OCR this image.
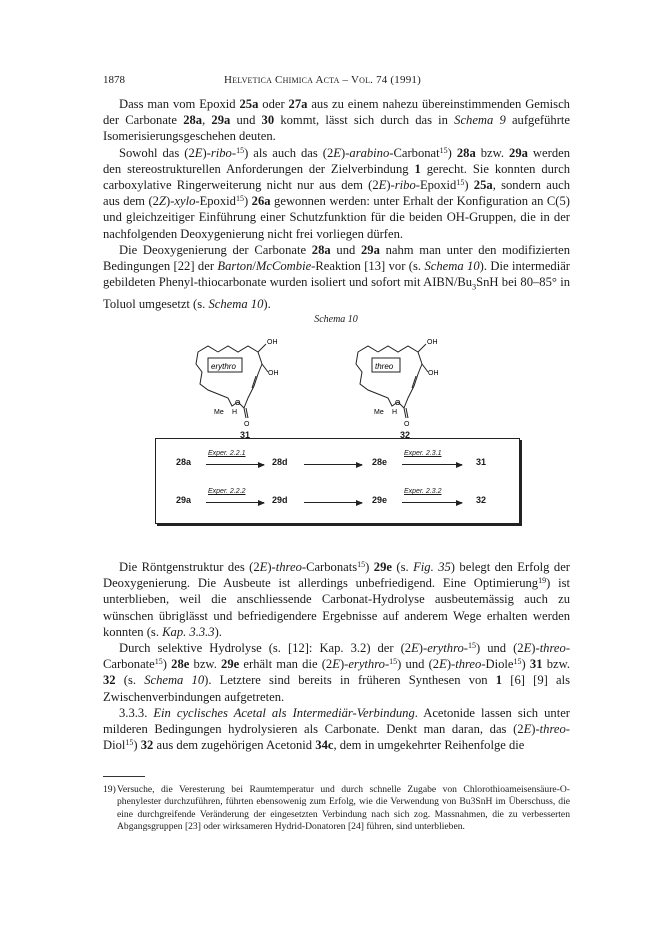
1878	Helvetica Chimica Acta – Vol. 74 (1991)

Dass man vom Epoxid 25a oder 27a aus zu einem nahezu übereinstimmenden Gemisch der Carbonate 28a, 29a und 30 kommt, lässt sich durch das in Schema 9 aufgeführte Isomerisierungsgeschehen deuten.

Sowohl das (2E)-ribo-$^{15}$) als auch das (2E)-arabino-Carbonat$^{15}$) 28a bzw. 29a werden den stereostrukturellen Anforderungen der Zielverbindung 1 gerecht. Sie konnten durch carboxylative Ringerweiterung nicht nur aus dem (2E)-ribo-Epoxid$^{15}$) 25a, sondern auch aus dem (2Z)-xylo-Epoxid$^{15}$) 26a gewonnen werden: unter Erhalt der Konfiguration an C(5) und gleichzeitiger Einführung einer Schutzfunktion für die beiden OH-Gruppen, die in der nachfolgenden Deoxygenierung nicht frei vorliegen dürfen.

Die Deoxygenierung der Carbonate 28a und 29a nahm man unter den modifizierten Bedingungen [22] der Barton/McCombie-Reaktion [13] vor (s. Schema 10). Die intermediär gebildeten Phenyl-thiocarbonate wurden isoliert und sofort mit AIBN/$Bu_3SnH$ bei 80–85° in Toluol umgesetzt (s. Schema 10).

Schema 10
erythro
OH
OH
O
Me H
O
31
threo
OH
OH
O
Me H
O
32
28a
Exper. 2.2.1
→ 28d → 28e
Exper. 2.3.1
→ 31
29a
Exper. 2.2.2
→ 29d → 29e
Exper. 2.3.2
→ 32

Die Röntgenstruktur des (2E)-threo-Carbonats$^{15}$) 29e (s. Fig. 35) belegt den Erfolg der Deoxygenierung. Die Ausbeute ist allerdings unbefriedigend. Eine Optimierung$^{19}$) ist unterblieben, weil die anschliessende Carbonat-Hydrolyse ausbeutemässig auch zu wünschen übriglässt und befriedigendere Ergebnisse auf anderem Wege erhalten werden konnten (s. Kap. 3.3.3).

Durch selektive Hydrolyse (s. [12]: Kap. 3.2) der (2E)-erythro-$^{15}$) und (2E)-threo-Carbonate$^{15}$) 28e bzw. 29e erhält man die (2E)-erythro-$^{15}$) und (2E)-threo-Diole$^{15}$) 31 bzw. 32 (s. Schema 10). Letztere sind bereits in früheren Synthesen von 1 [6] [9] als Zwischenverbindungen aufgetreten.

3.3.3. Ein cyclisches Acetal als Intermediär-Verbindung. Acetonide lassen sich unter milderen Bedingungen hydrolysieren als Carbonate. Denkt man daran, das (2E)-threo-Diol$^{15}$) 32 aus dem zugehörigen Acetonid 34c, dem in umgekehrter Reihenfolge die

19) Versuche, die Veresterung bei Raumtemperatur und durch schnelle Zugabe von Chlorothioameisensäure-O-phenylester durchzuführen, führten ebensowenig zum Erfolg, wie die Verwendung von Bu3SnH im Überschuss, die eine durchgreifende Veränderung der eingesetzten Verbindung nach sich zog. Massnahmen, die zu verbesserten Abgangsgruppen [23] oder wirksameren Hydrid-Donatoren [24] führen, sind unterblieben.
